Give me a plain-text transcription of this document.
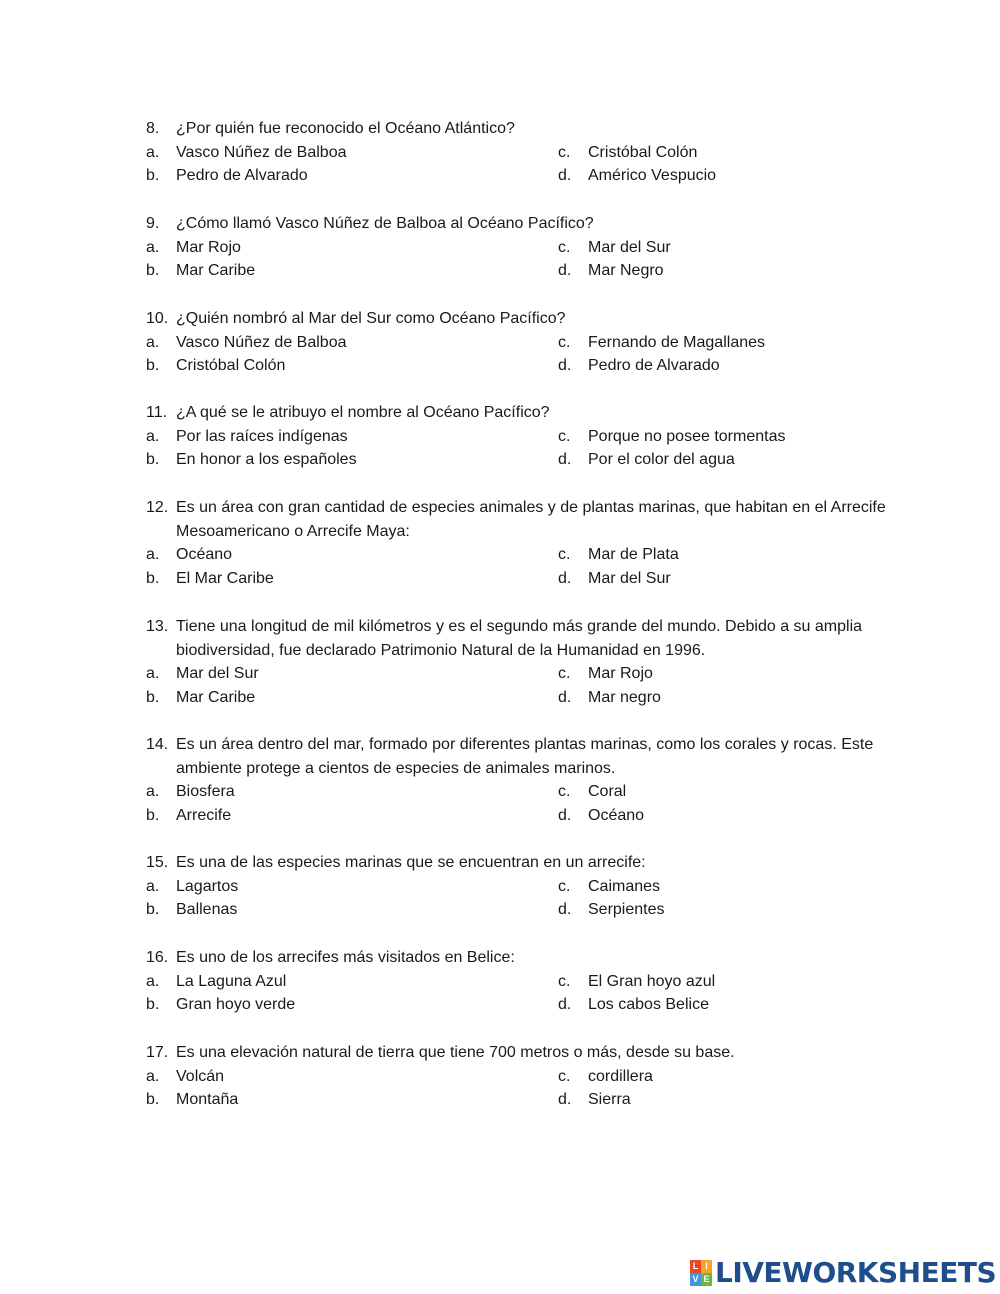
8.	¿Por quién fue reconocido el Océano Atlántico?
a.	Vasco Núñez de Balboa	c.	Cristóbal Colón
b.	Pedro de Alvarado	d.	Américo Vespucio
9.	¿Cómo llamó Vasco Núñez de Balboa al Océano Pacífico?
a.	Mar Rojo	c.	Mar del Sur
b.	Mar Caribe	d.	Mar Negro
10. ¿Quién nombró al Mar del Sur como Océano Pacífico?
a.	Vasco Núñez de Balboa	c.	Fernando de Magallanes
b.	Cristóbal Colón	d.	Pedro de Alvarado
11. ¿A qué se le atribuyo el nombre al Océano Pacífico?
a.	Por las raíces indígenas	c.	Porque no posee tormentas
b.	En honor a los españoles	d.	Por el color del agua
12. Es un área con gran cantidad de especies animales y de plantas marinas, que habitan en el Arrecife Mesoamericano o Arrecife Maya:
a.	Océano	c.	Mar de Plata
b.	El Mar Caribe	d.	Mar del Sur
13. Tiene una longitud de mil kilómetros y es el segundo más grande del mundo. Debido a su amplia biodiversidad, fue declarado Patrimonio Natural de la Humanidad en 1996.
a.	Mar del Sur	c.	Mar Rojo
b.	Mar Caribe	d.	Mar negro
14. Es un área dentro del mar, formado por diferentes plantas marinas, como los corales y rocas. Este ambiente protege a cientos de especies de animales marinos.
a.	Biosfera	c.	Coral
b.	Arrecife	d.	Océano
15. Es una de las especies marinas que se encuentran en un arrecife:
a.	Lagartos	c.	Caimanes
b.	Ballenas	d.	Serpientes
16. Es uno de los arrecifes más visitados en Belice:
a.	La Laguna Azul	c.	El Gran hoyo azul
b.	Gran hoyo verde	d.	Los cabos Belice
17. Es una elevación natural de tierra que tiene 700 metros o más, desde su base.
a.	Volcán	c.	cordillera
b.	Montaña	d.	Sierra
L I
V E LIVEWORKSHEETS
